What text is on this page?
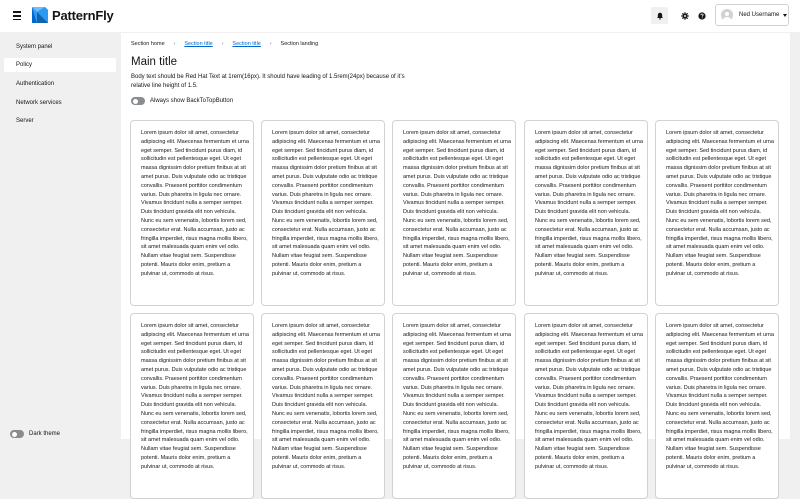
PatternFly	Ned Username
System panel
Policy
Authentication
Network services
Server
Dark theme
Section home › Section title › Section title › Section landing
Main title

Body text should be Red Hat Text at 1rem(16px). It should have leading of 1.5rem(24px) because of it’s relative line height of 1.5.

Always show BackToTopButton

Lorem ipsum dolor sit amet, consectetur adipiscing elit. Maecenas fermentum et urna eget semper. Sed tincidunt purus diam, id sollicitudin est pellentesque eget. Ut eget massa dignissim dolor pretium finibus at sit amet purus. Duis vulputate odio ac tristique convallis. Praesent porttitor condimentum varius. Duis pharetra in ligula nec ornare. Vivamus tincidunt nulla a semper semper. Duis tincidunt gravida elit non vehicula. Nunc eu sem venenatis, lobortis lorem sed, consectetur erat. Nulla accumsan, justo ac fringilla imperdiet, risus magna mollis libero, sit amet malesuada quam enim vel odio. Nullam vitae feugiat sem. Suspendisse potenti. Mauris dolor enim, pretium a pulvinar ut, commodo at risus.

Lorem ipsum dolor sit amet, consectetur adipiscing elit. Maecenas fermentum et urna eget semper. Sed tincidunt purus diam, id sollicitudin est pellentesque eget. Ut eget massa dignissim dolor pretium finibus at sit amet purus. Duis vulputate odio ac tristique convallis. Praesent porttitor condimentum varius. Duis pharetra in ligula nec ornare. Vivamus tincidunt nulla a semper semper. Duis tincidunt gravida elit non vehicula. Nunc eu sem venenatis, lobortis lorem sed, consectetur erat. Nulla accumsan, justo ac fringilla imperdiet, risus magna mollis libero, sit amet malesuada quam enim vel odio. Nullam vitae feugiat sem. Suspendisse potenti. Mauris dolor enim, pretium a pulvinar ut, commodo at risus.

Lorem ipsum dolor sit amet, consectetur adipiscing elit. Maecenas fermentum et urna eget semper. Sed tincidunt purus diam, id sollicitudin est pellentesque eget. Ut eget massa dignissim dolor pretium finibus at sit amet purus. Duis vulputate odio ac tristique convallis. Praesent porttitor condimentum varius. Duis pharetra in ligula nec ornare. Vivamus tincidunt nulla a semper semper. Duis tincidunt gravida elit non vehicula. Nunc eu sem venenatis, lobortis lorem sed, consectetur erat. Nulla accumsan, justo ac fringilla imperdiet, risus magna mollis libero, sit amet malesuada quam enim vel odio. Nullam vitae feugiat sem. Suspendisse potenti. Mauris dolor enim, pretium a pulvinar ut, commodo at risus.

Lorem ipsum dolor sit amet, consectetur adipiscing elit. Maecenas fermentum et urna eget semper. Sed tincidunt purus diam, id sollicitudin est pellentesque eget. Ut eget massa dignissim dolor pretium finibus at sit amet purus. Duis vulputate odio ac tristique convallis. Praesent porttitor condimentum varius. Duis pharetra in ligula nec ornare. Vivamus tincidunt nulla a semper semper. Duis tincidunt gravida elit non vehicula. Nunc eu sem venenatis, lobortis lorem sed, consectetur erat. Nulla accumsan, justo ac fringilla imperdiet, risus magna mollis libero, sit amet malesuada quam enim vel odio. Nullam vitae feugiat sem. Suspendisse potenti. Mauris dolor enim, pretium a pulvinar ut, commodo at risus.

Lorem ipsum dolor sit amet, consectetur adipiscing elit. Maecenas fermentum et urna eget semper. Sed tincidunt purus diam, id sollicitudin est pellentesque eget. Ut eget massa dignissim dolor pretium finibus at sit amet purus. Duis vulputate odio ac tristique convallis. Praesent porttitor condimentum varius. Duis pharetra in ligula nec ornare. Vivamus tincidunt nulla a semper semper. Duis tincidunt gravida elit non vehicula. Nunc eu sem venenatis, lobortis lorem sed, consectetur erat. Nulla accumsan, justo ac fringilla imperdiet, risus magna mollis libero, sit amet malesuada quam enim vel odio. Nullam vitae feugiat sem. Suspendisse potenti. Mauris dolor enim, pretium a pulvinar ut, commodo at risus.

Lorem ipsum dolor sit amet, consectetur adipiscing elit. Maecenas fermentum et urna eget semper. Sed tincidunt purus diam, id sollicitudin est pellentesque eget. Ut eget massa dignissim dolor pretium finibus at sit amet purus. Duis vulputate odio ac tristique convallis. Praesent porttitor condimentum varius. Duis pharetra in ligula nec ornare. Vivamus tincidunt nulla a semper semper. Duis tincidunt gravida elit non vehicula. Nunc eu sem venenatis, lobortis lorem sed, consectetur erat. Nulla accumsan, justo ac fringilla imperdiet, risus magna mollis libero, sit amet malesuada quam enim vel odio. Nullam vitae feugiat sem. Suspendisse potenti. Mauris dolor enim, pretium a pulvinar ut, commodo at risus.

Lorem ipsum dolor sit amet, consectetur adipiscing elit. Maecenas fermentum et urna eget semper. Sed tincidunt purus diam, id sollicitudin est pellentesque eget. Ut eget massa dignissim dolor pretium finibus at sit amet purus. Duis vulputate odio ac tristique convallis. Praesent porttitor condimentum varius. Duis pharetra in ligula nec ornare. Vivamus tincidunt nulla a semper semper. Duis tincidunt gravida elit non vehicula. Nunc eu sem venenatis, lobortis lorem sed, consectetur erat. Nulla accumsan, justo ac fringilla imperdiet, risus magna mollis libero, sit amet malesuada quam enim vel odio. Nullam vitae feugiat sem. Suspendisse potenti. Mauris dolor enim, pretium a pulvinar ut, commodo at risus.

Lorem ipsum dolor sit amet, consectetur adipiscing elit. Maecenas fermentum et urna eget semper. Sed tincidunt purus diam, id sollicitudin est pellentesque eget. Ut eget massa dignissim dolor pretium finibus at sit amet purus. Duis vulputate odio ac tristique convallis. Praesent porttitor condimentum varius. Duis pharetra in ligula nec ornare. Vivamus tincidunt nulla a semper semper. Duis tincidunt gravida elit non vehicula. Nunc eu sem venenatis, lobortis lorem sed, consectetur erat. Nulla accumsan, justo ac fringilla imperdiet, risus magna mollis libero, sit amet malesuada quam enim vel odio. Nullam vitae feugiat sem. Suspendisse potenti. Mauris dolor enim, pretium a pulvinar ut, commodo at risus.

Lorem ipsum dolor sit amet, consectetur adipiscing elit. Maecenas fermentum et urna eget semper. Sed tincidunt purus diam, id sollicitudin est pellentesque eget. Ut eget massa dignissim dolor pretium finibus at sit amet purus. Duis vulputate odio ac tristique convallis. Praesent porttitor condimentum varius. Duis pharetra in ligula nec ornare. Vivamus tincidunt nulla a semper semper. Duis tincidunt gravida elit non vehicula. Nunc eu sem venenatis, lobortis lorem sed, consectetur erat. Nulla accumsan, justo ac fringilla imperdiet, risus magna mollis libero, sit amet malesuada quam enim vel odio. Nullam vitae feugiat sem. Suspendisse potenti. Mauris dolor enim, pretium a pulvinar ut, commodo at risus.

Lorem ipsum dolor sit amet, consectetur adipiscing elit. Maecenas fermentum et urna eget semper. Sed tincidunt purus diam, id sollicitudin est pellentesque eget. Ut eget massa dignissim dolor pretium finibus at sit amet purus. Duis vulputate odio ac tristique convallis. Praesent porttitor condimentum varius. Duis pharetra in ligula nec ornare. Vivamus tincidunt nulla a semper semper. Duis tincidunt gravida elit non vehicula. Nunc eu sem venenatis, lobortis lorem sed, consectetur erat. Nulla accumsan, justo ac fringilla imperdiet, risus magna mollis libero, sit amet malesuada quam enim vel odio. Nullam vitae feugiat sem. Suspendisse potenti. Mauris dolor enim, pretium a pulvinar ut, commodo at risus.
